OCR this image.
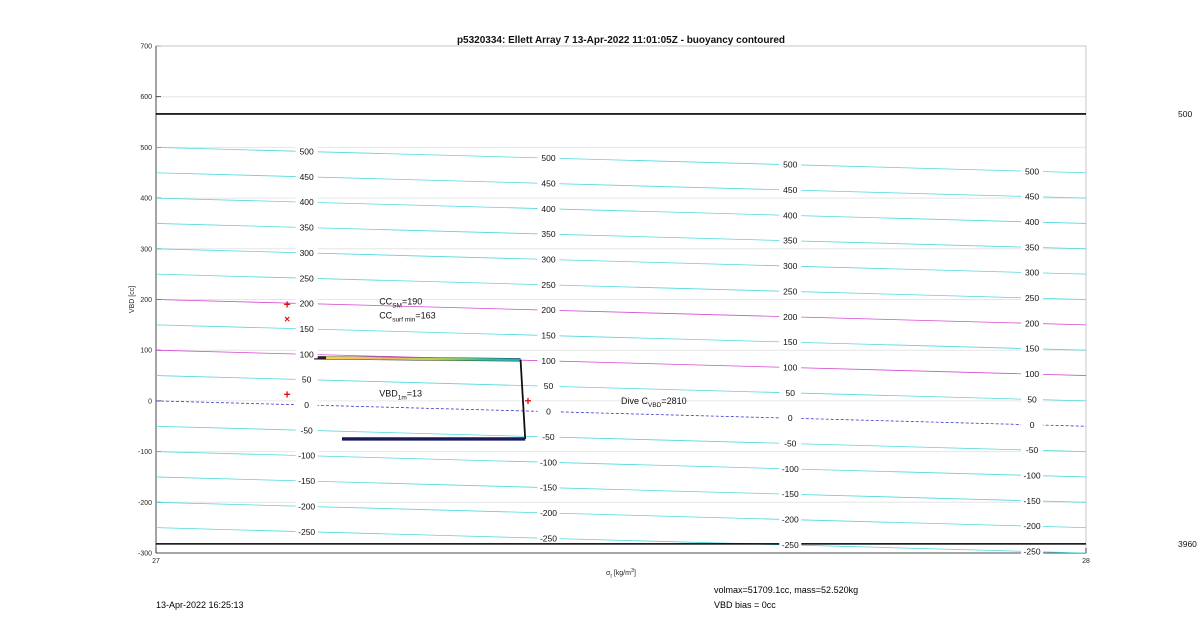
700
600
500
400
300
200
100
0
-100
-200
-300
27	28
500
3960
+
×
+	+
-250
-200
-150
-100
-50
0
50
100
150
200
250
300
350
400
450
500
-250
-200
-150
-100
-50
0
50
100
150
200
250
300
350
400
450
500
-250
-200
-150
-100
-50
0
50
100
150
200
250
300
350
400
450
500
-250
-200
-150
-100
-50
0
50
100
150
200
250
300
350
400
450
500
$CC_{SM}=190$
$CC_{surf min}=163$
$VBD_{1m}=13$
Dive $C_{VBD}=2810$
p5320334: Ellett Array 7 13-Apr-2022 11:01:05Z - buoyancy contoured
VBD [cc]
$\sigma_t$ $[kg/m^3]$
13-Apr-2022 16:25:13
volmax=51709.1cc, mass=52.520kg
VBD bias = 0cc
